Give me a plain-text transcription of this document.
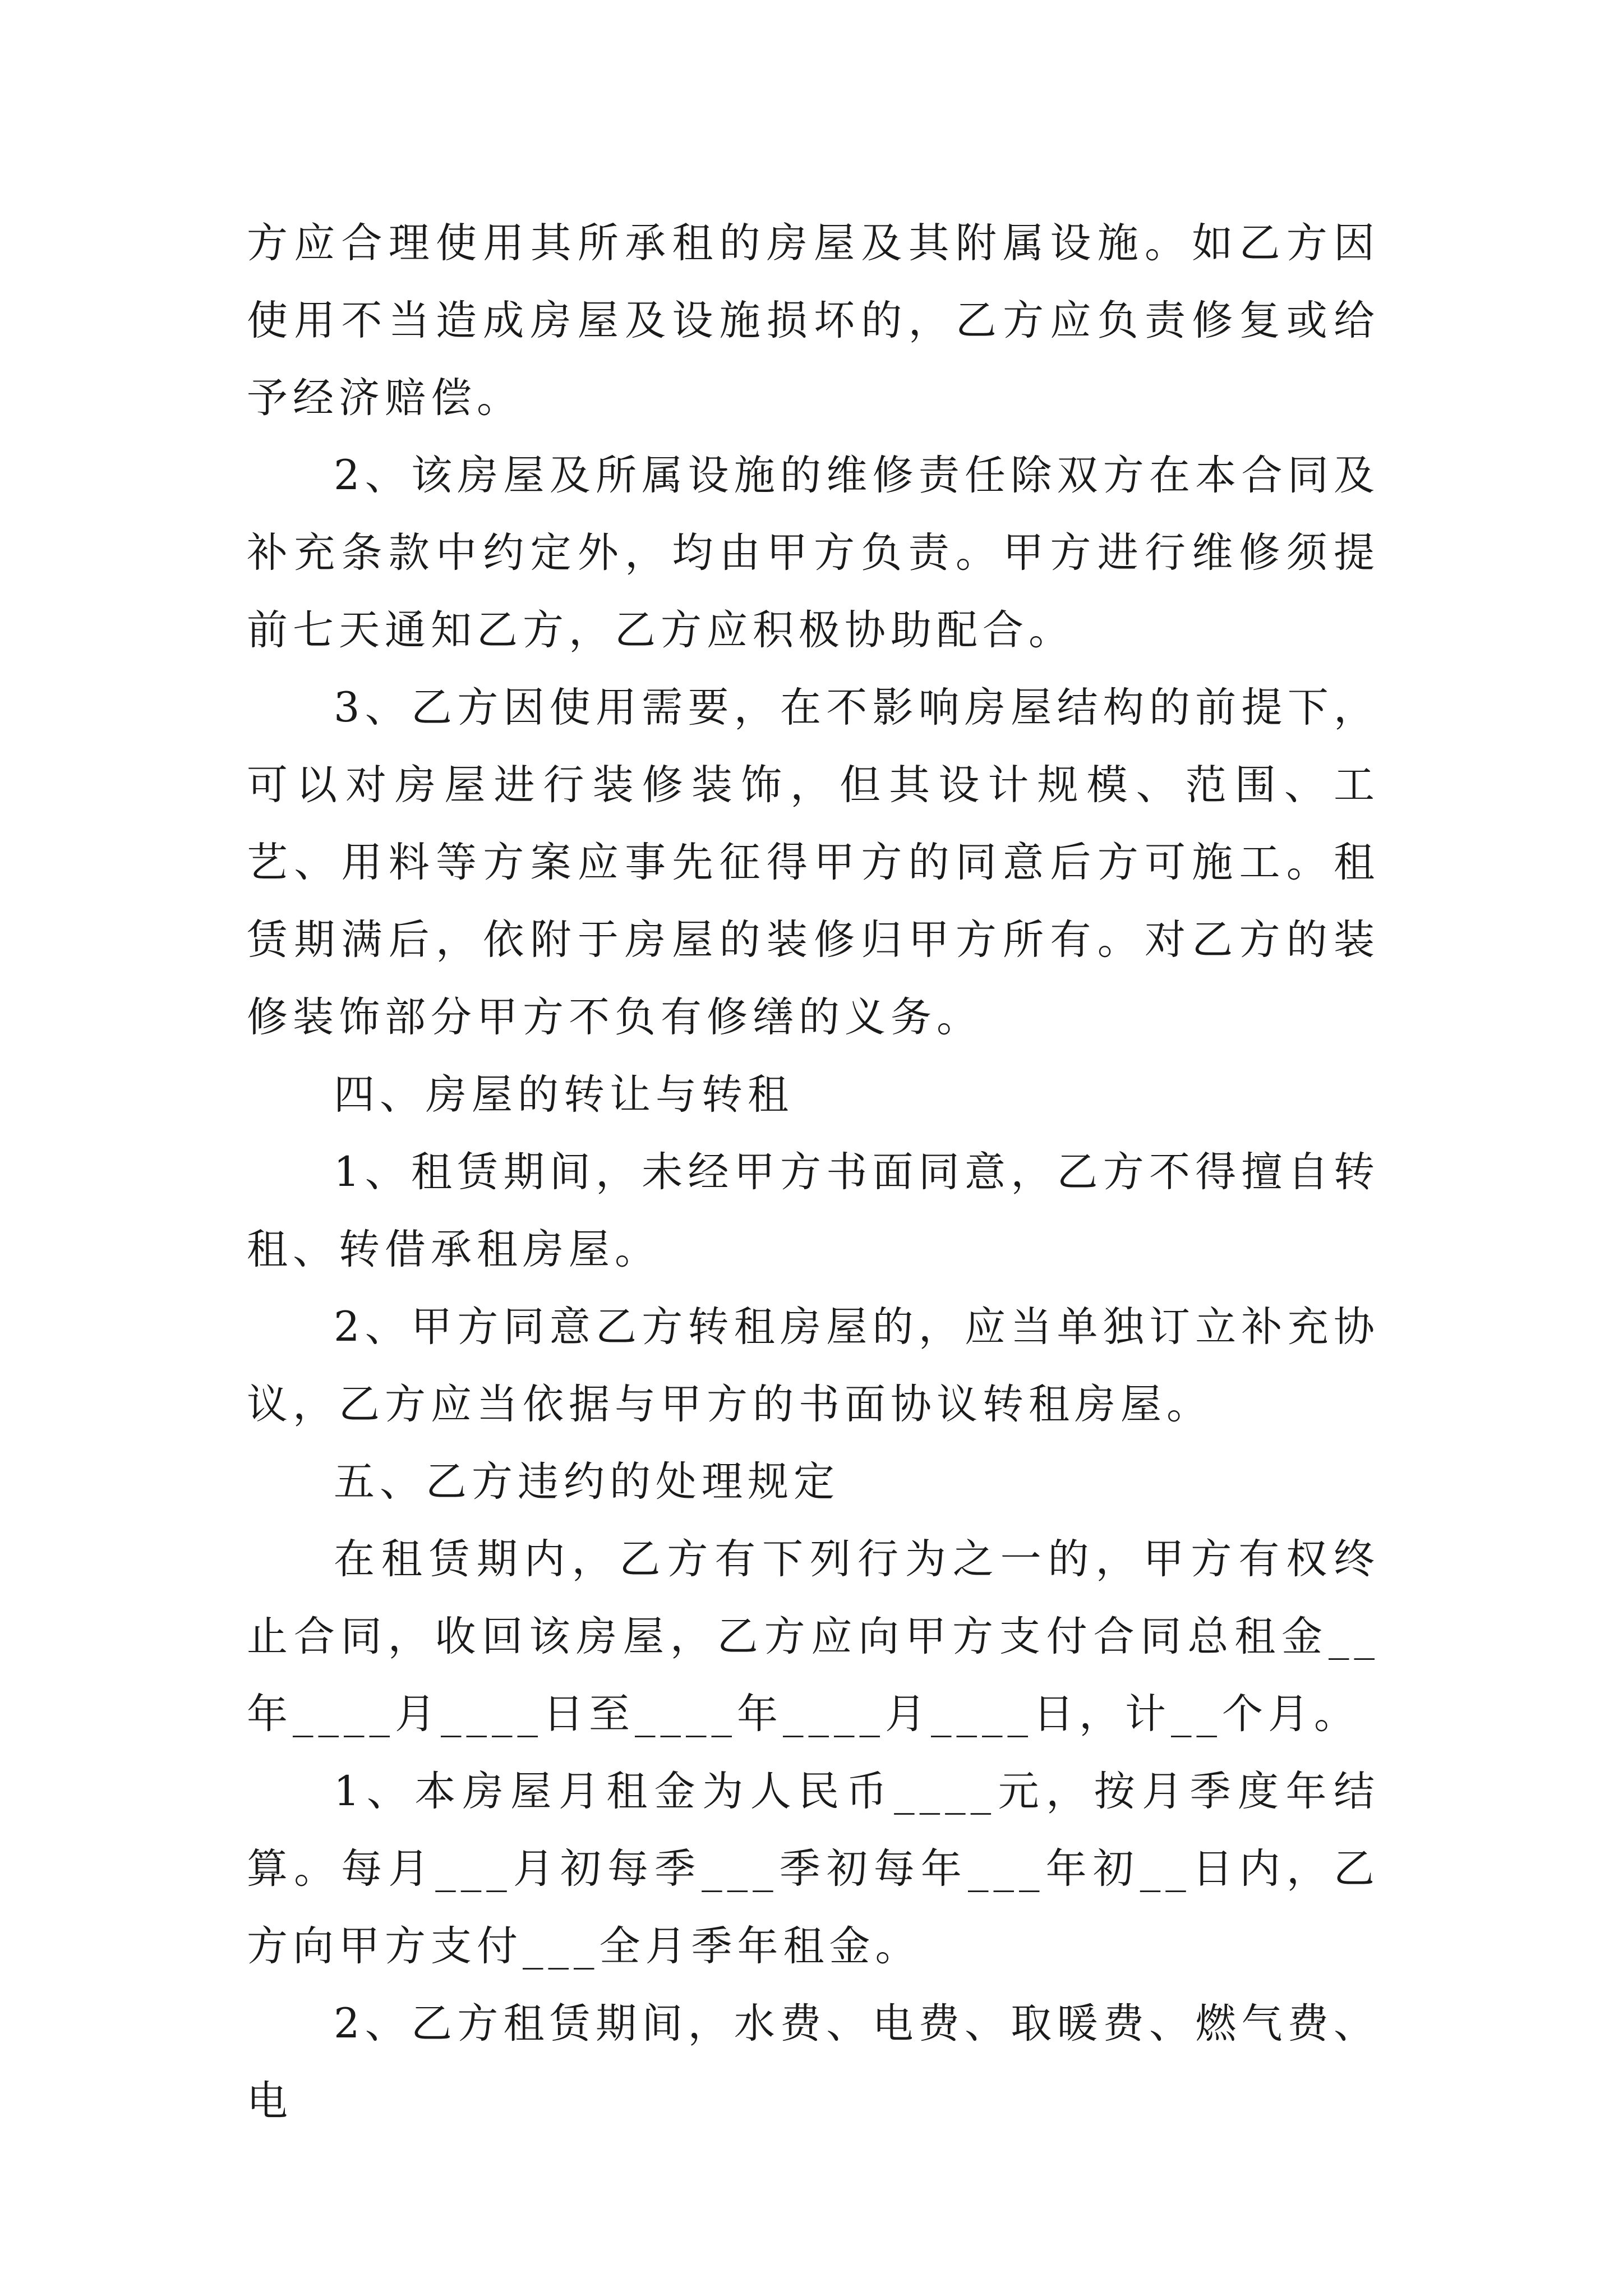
方应合理使用其所承租的房屋及其附属设施。如乙方因使用不当造成房屋及设施损坏的，乙方应负责修复或给予经济赔偿。

2、该房屋及所属设施的维修责任除双方在本合同及补充条款中约定外，均由甲方负责。甲方进行维修须提前七天通知乙方，乙方应积极协助配合。

3、乙方因使用需要，在不影响房屋结构的前提下，可以对房屋进行装修装饰，但其设计规模、范围、工艺、用料等方案应事先征得甲方的同意后方可施工。租赁期满后，依附于房屋的装修归甲方所有。对乙方的装修装饰部分甲方不负有修缮的义务。

四、房屋的转让与转租

1、租赁期间，未经甲方书面同意，乙方不得擅自转租、转借承租房屋。

2、甲方同意乙方转租房屋的，应当单独订立补充协议，乙方应当依据与甲方的书面协议转租房屋。

五、乙方违约的处理规定

在租赁期内，乙方有下列行为之一的，甲方有权终止合同，收回该房屋，乙方应向甲方支付合同总租金__年____月____日至____年____月____日，计__个月。

1、本房屋月租金为人民币____元，按月季度年结算。每月___月初每季___季初每年___年初__日内，乙方向甲方支付___全月季年租金。

2、乙方租赁期间，水费、电费、取暖费、燃气费、电
